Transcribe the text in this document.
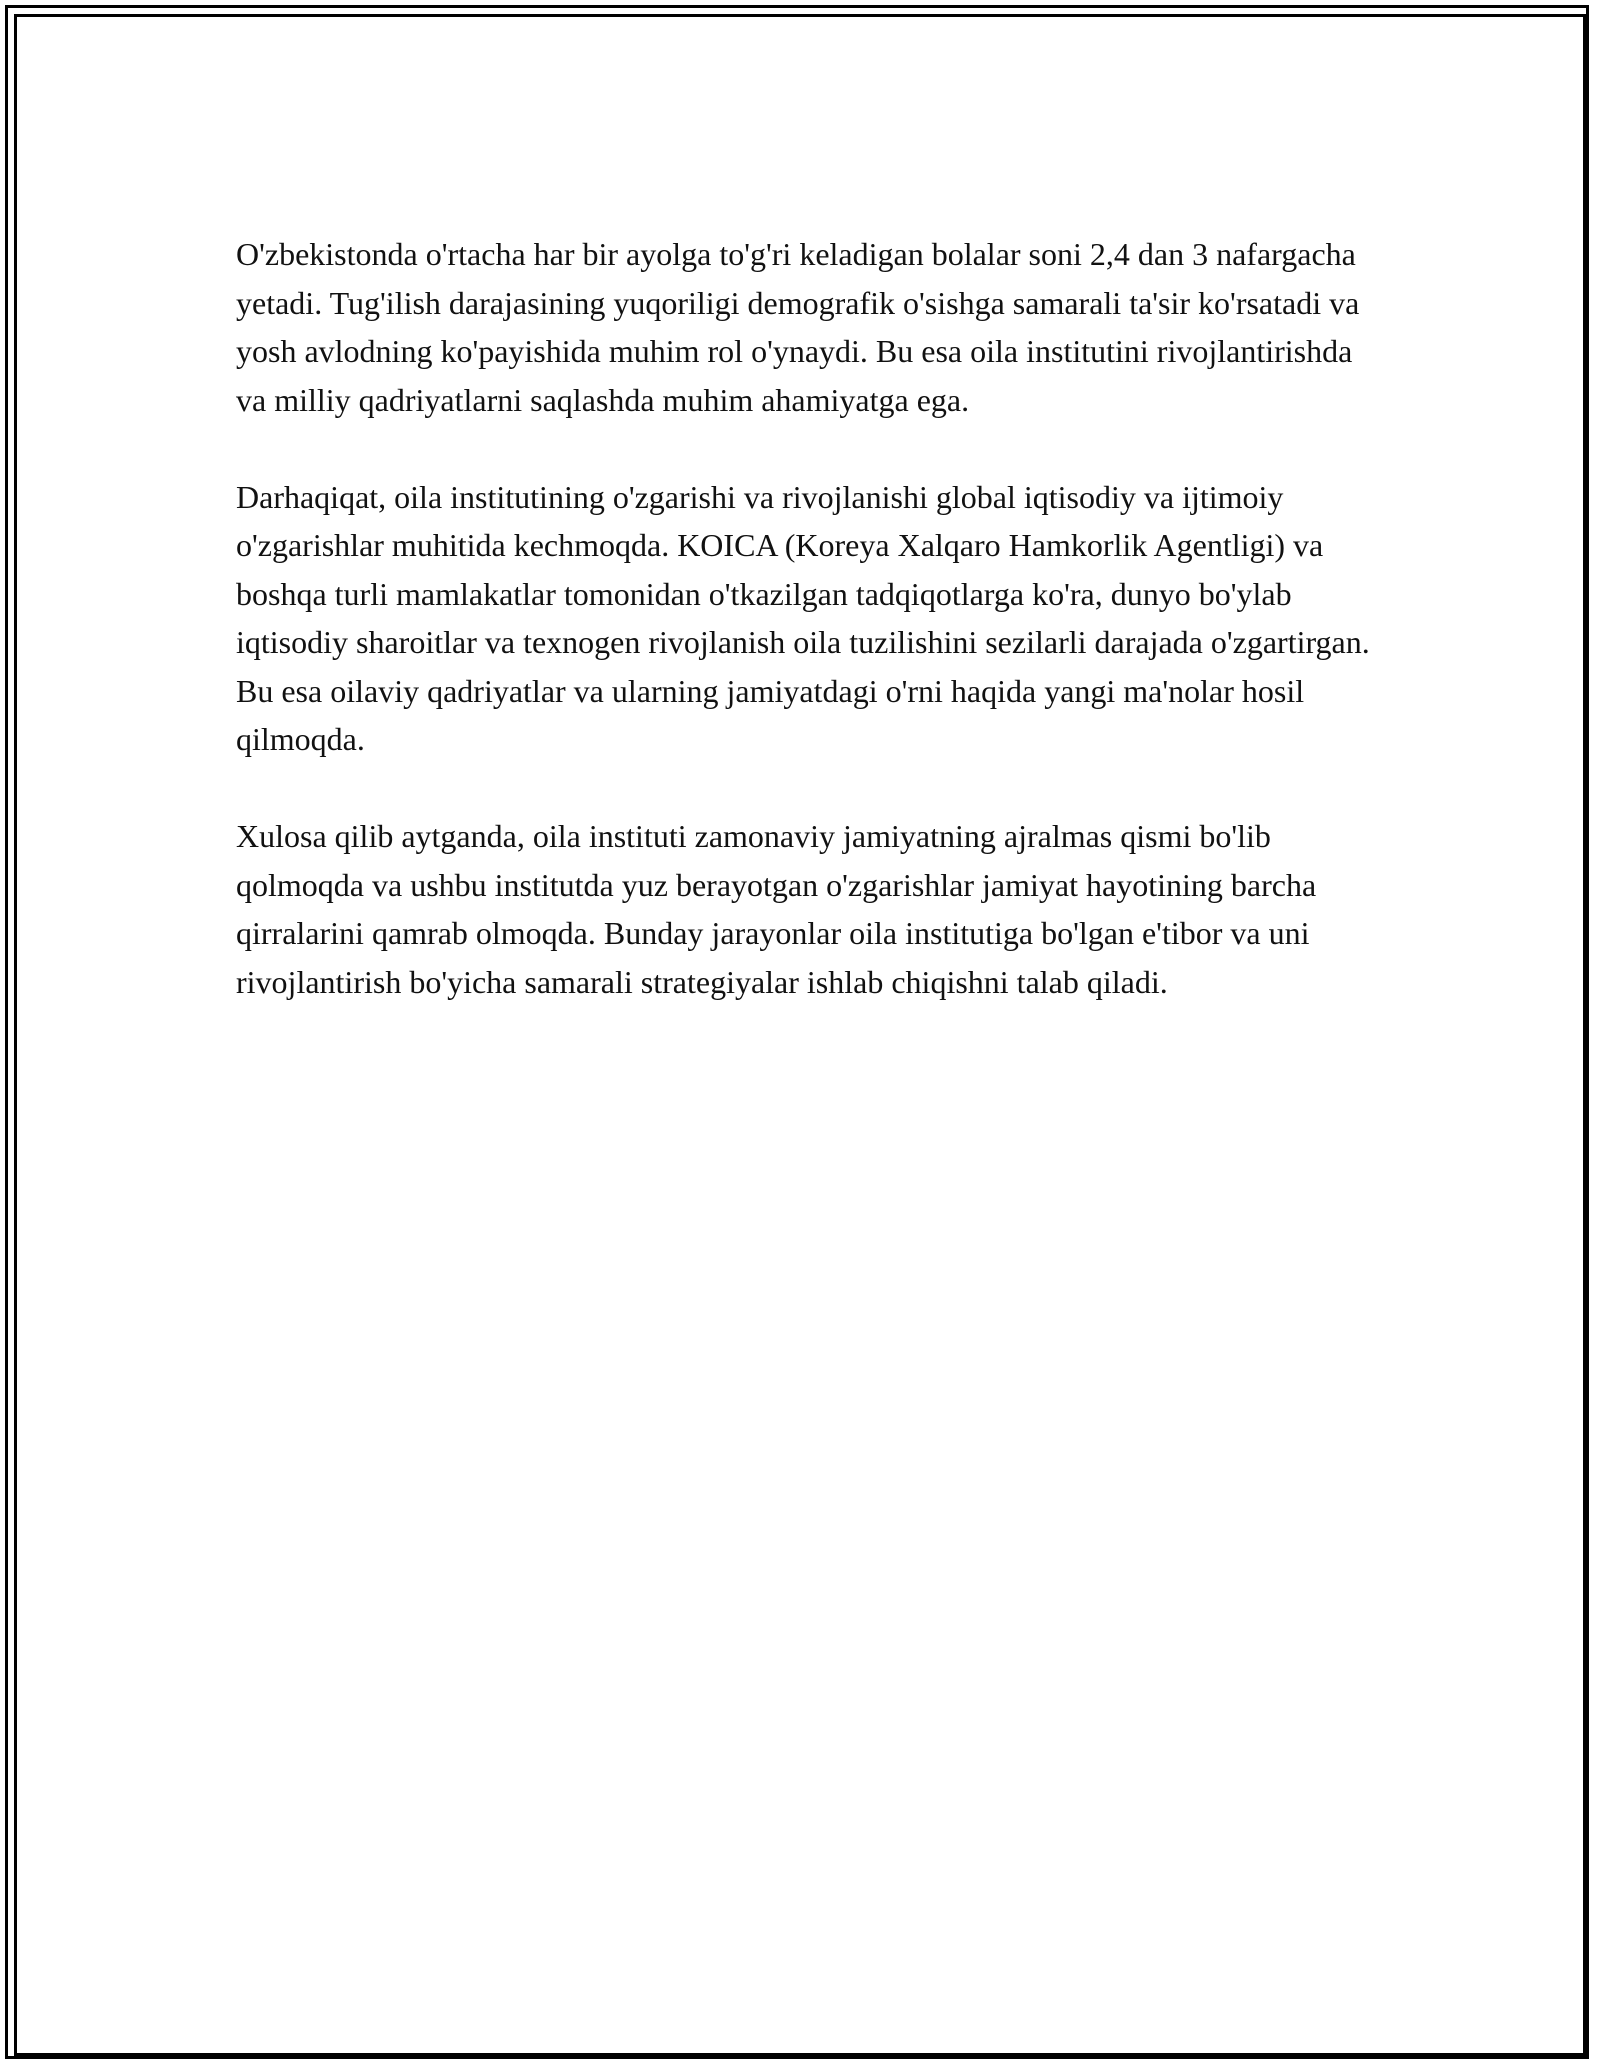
O'zbekistonda o'rtacha har bir ayolga to'g'ri keladigan bolalar soni 2,4 dan 3 nafargacha yetadi. Tug'ilish darajasining yuqoriligi demografik o'sishga samarali ta'sir ko'rsatadi va yosh avlodning ko'payishida muhim rol o'ynaydi. Bu esa oila institutini rivojlantirishda va milliy qadriyatlarni saqlashda muhim ahamiyatga ega.

Darhaqiqat, oila institutining o'zgarishi va rivojlanishi global iqtisodiy va ijtimoiy o'zgarishlar muhitida kechmoqda. KOICA (Koreya Xalqaro Hamkorlik Agentligi) va boshqa turli mamlakatlar tomonidan o'tkazilgan tadqiqotlarga ko'ra, dunyo bo'ylab iqtisodiy sharoitlar va texnogen rivojlanish oila tuzilishini sezilarli darajada o'zgartirgan. Bu esa oilaviy qadriyatlar va ularning jamiyatdagi o'rni haqida yangi ma'nolar hosil qilmoqda.

Xulosa qilib aytganda, oila instituti zamonaviy jamiyatning ajralmas qismi bo'lib qolmoqda va ushbu institutda yuz berayotgan o'zgarishlar jamiyat hayotining barcha qirralarini qamrab olmoqda. Bunday jarayonlar oila institutiga bo'lgan e'tibor va uni rivojlantirish bo'yicha samarali strategiyalar ishlab chiqishni talab qiladi.
